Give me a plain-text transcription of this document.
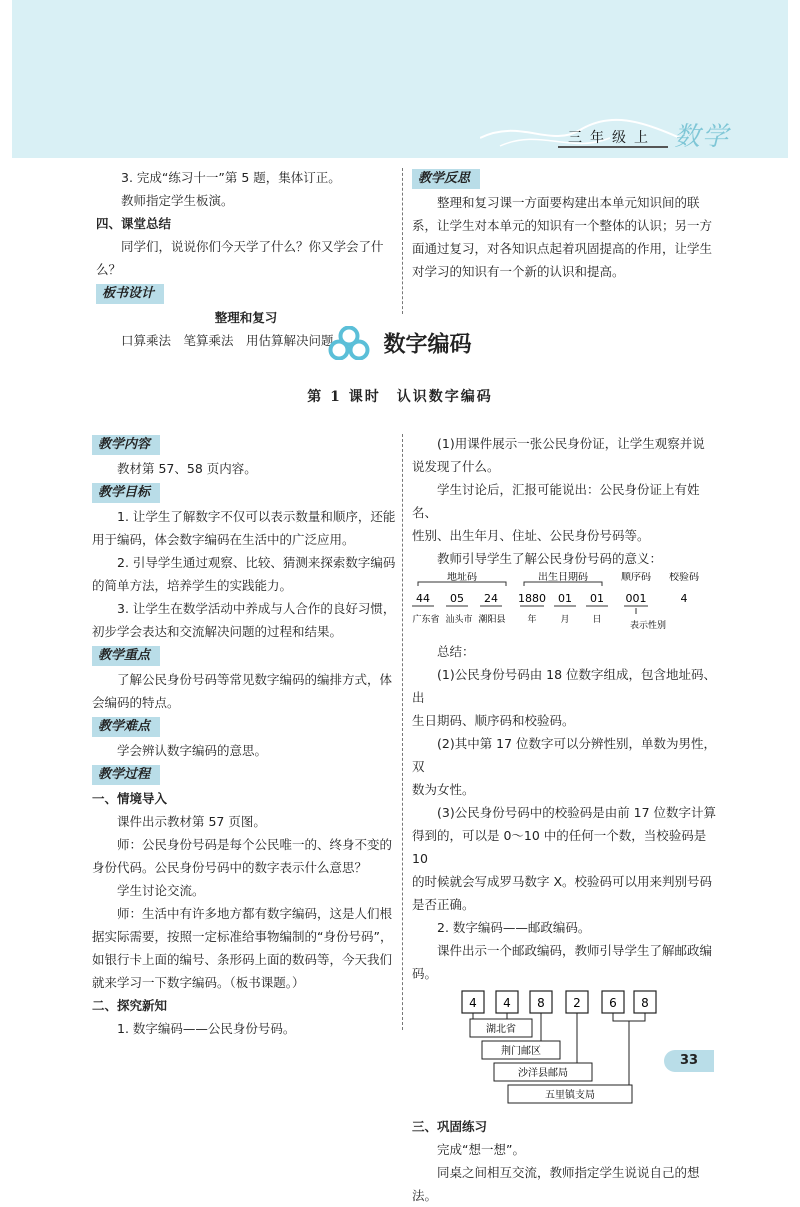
三年级上 数学

3. 完成“练习十一”第 5 题，集体订正。

教师指定学生板演。

四、课堂总结

同学们，说说你们今天学了什么？你又学会了什么？

板书设计

整理和复习

口算乘法　笔算乘法　用估算解决问题

教学反思

整理和复习课一方面要构建出本单元知识间的联

系，让学生对本单元的知识有一个整体的认识；另一方

面通过复习，对各知识点起着巩固提高的作用，让学生

对学习的知识有一个新的认识和提高。

数字编码
第 1 课时　认识数字编码
教学内容

教材第 57、58 页内容。

教学目标

1. 让学生了解数字不仅可以表示数量和顺序，还能

用于编码，体会数字编码在生活中的广泛应用。

2. 引导学生通过观察、比较、猜测来探索数字编码

的简单方法，培养学生的实践能力。

3. 让学生在数学活动中养成与人合作的良好习惯，

初步学会表达和交流解决问题的过程和结果。

教学重点

了解公民身份号码等常见数字编码的编排方式，体

会编码的特点。

教学难点

学会辨认数字编码的意思。

教学过程

一、情境导入

课件出示教材第 57 页图。

师：公民身份号码是每个公民唯一的、终身不变的

身份代码。公民身份号码中的数字表示什么意思？

学生讨论交流。

师：生活中有许多地方都有数字编码，这是人们根

据实际需要，按照一定标准给事物编制的“身份号码”，

如银行卡上面的编号、条形码上面的数码等，今天我们

就来学习一下数字编码。（板书课题。）

二、探究新知

1. 数字编码——公民身份号码。

(1)用课件展示一张公民身份证，让学生观察并说

说发现了什么。

学生讨论后，汇报可能说出：公民身份证上有姓名、

性别、出生年月、住址、公民身份号码等。

教师引导学生了解公民身份号码的意义：

地址码	出生日期码	顺序码 校验码
44 05 24 1880 01 01 001	4
广东省 汕头市 潮阳县 年	月	日
表示性别

总结：

(1)公民身份号码由 18 位数字组成，包含地址码、出

生日期码、顺序码和校验码。

(2)其中第 17 位数字可以分辨性别，单数为男性，双

数为女性。

(3)公民身份号码中的校验码是由前 17 位数字计算

得到的，可以是 0～10 中的任何一个数，当校验码是 10

的时候就会写成罗马数字 X。校验码可以用来判别号码

是否正确。

2. 数字编码——邮政编码。

课件出示一个邮政编码，教师引导学生了解邮政编码。

4 4 8 2 6 8
湖北省
荆门邮区
沙洋县邮局
五里镇支局

三、巩固练习

完成“想一想”。

同桌之间相互交流，教师指定学生说说自己的想法。

33
